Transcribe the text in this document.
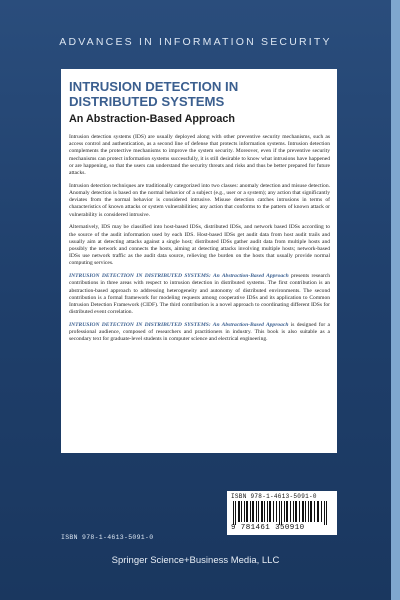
ADVANCES IN INFORMATION SECURITY
INTRUSION DETECTION IN
DISTRIBUTED SYSTEMS
An Abstraction-Based Approach

Intrusion detection systems (IDS) are usually deployed along with other preventive security mechanisms, such as access control and authentication, as a second line of defense that protects information systems. Intrusion detection complements the protective mechanisms to improve the system security. Moreover, even if the preventive security mechanisms can protect information systems successfully, it is still desirable to know what intrusions have happened or are happening, so that the users can understand the security threats and risks and thus be better prepared for future attacks.

Intrusion detection techniques are traditionally categorized into two classes: anomaly detection and misuse detection. Anomaly detection is based on the normal behavior of a subject (e.g., user or a system); any action that significantly deviates from the normal behavior is considered intrusive. Misuse detection catches intrusions in terms of characteristics of known attacks or system vulnerabilities; any action that conforms to the pattern of known attack or vulnerability is considered intrusive.

Alternatively, IDS may be classified into host-based IDSs, distributed IDSs, and network based IDSs according to the source of the audit information used by each IDS. Host-based IDSs get audit data from host audit trails and usually aim at detecting attacks against a single host; distributed IDSs gather audit data from multiple hosts and possibly the network and connects the hosts, aiming at detecting attacks involving multiple hosts; network-based IDSs use network traffic as the audit data source, relieving the burden on the hosts that usually provide normal computing services.

INTRUSION DETECTION IN DISTRIBUTED SYSTEMS: An Abstraction-Based Approach presents research contributions in three areas with respect to intrusion detection in distributed systems. The first contribution is an abstraction-based approach to addressing heterogeneity and autonomy of distributed environments. The second contribution is a formal framework for modeling requests among cooperative IDSs and its application to Common Intrusion Detection Framework (CIDF). The third contribution is a novel approach to coordinating different IDSs for distributed event correlation.

INTRUSION DETECTION IN DISTRIBUTED SYSTEMS: An Abstraction-Based Approach is designed for a professional audience, composed of researchers and practitioners in industry. This book is also suitable as a secondary text for graduate-level students in computer science and electrical engineering.

ISBN 978-1-4613-5091-0
9 781461 350910
ISBN 978-1-4613-5091-0
Springer Science+Business Media, LLC
